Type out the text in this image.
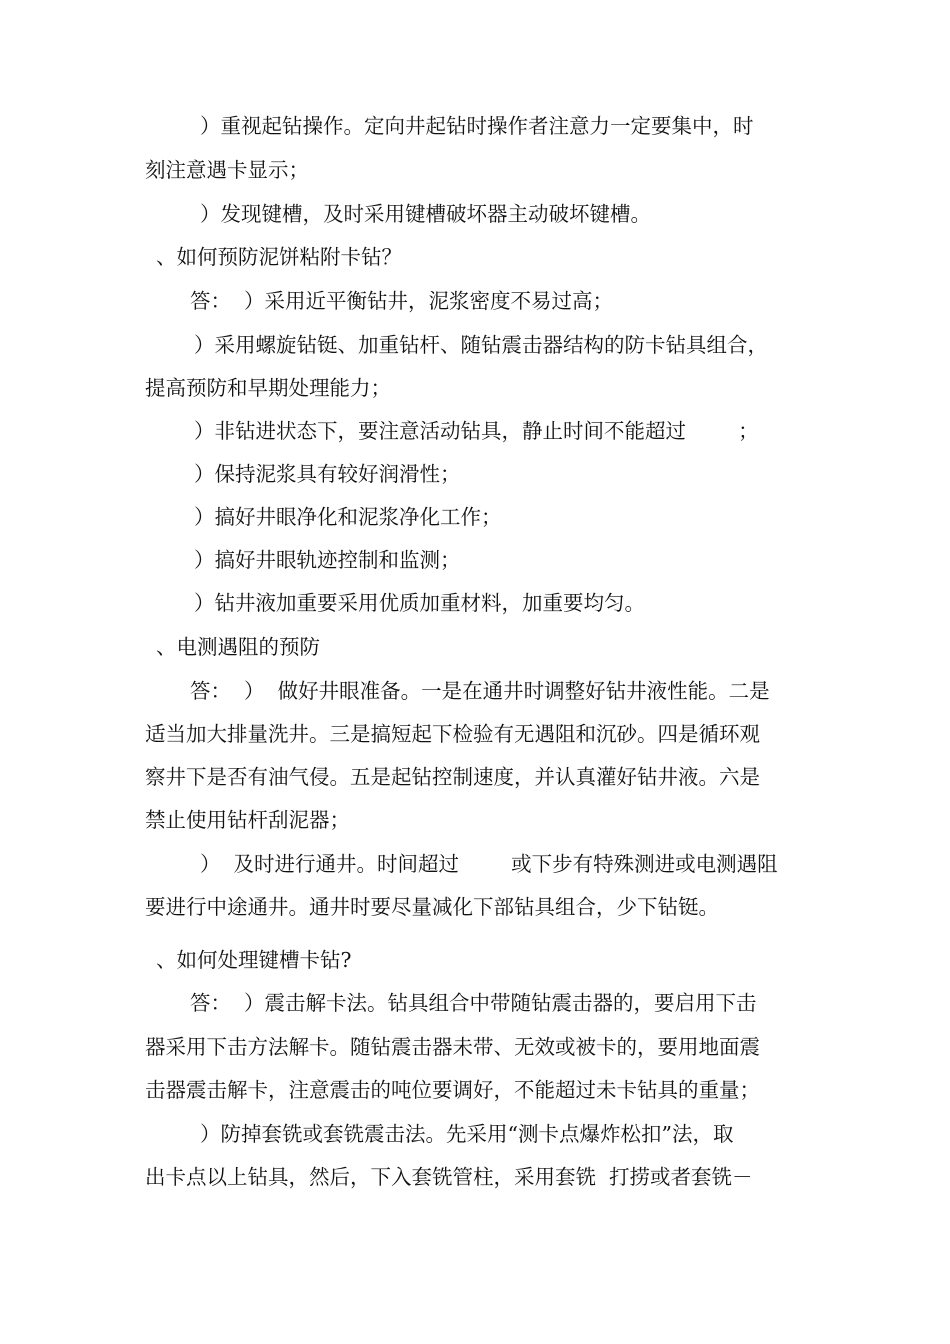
）重视起钻操作。定向井起钻时操作者注意力一定要集中，时
刻注意遇卡显示；
）发现键槽，及时采用键槽破坏器主动破坏键槽。
、如何预防泥饼粘附卡钻？
答：  ）采用近平衡钻井，泥浆密度不易过高；
）采用螺旋钻铤、加重钻杆、随钻震击器结构的防卡钻具组合，
提高预防和早期处理能力；
）非钻进状态下，要注意活动钻具，静止时间不能超过        ；
）保持泥浆具有较好润滑性；
）搞好井眼净化和泥浆净化工作；
）搞好井眼轨迹控制和监测；
）钻井液加重要采用优质加重材料，加重要均匀。
、电测遇阻的预防
答：  ）  做好井眼准备。一是在通井时调整好钻井液性能。二是
适当加大排量洗井。三是搞短起下检验有无遇阻和沉砂。四是循环观
察井下是否有油气侵。五是起钻控制速度，并认真灌好钻井液。六是
禁止使用钻杆刮泥器；
）  及时进行通井。时间超过        或下步有特殊测进或电测遇阻
要进行中途通井。通井时要尽量减化下部钻具组合，少下钻铤。
、如何处理键槽卡钻?
答：  ）震击解卡法。钻具组合中带随钻震击器的，要启用下击
器采用下击方法解卡。随钻震击器未带、无效或被卡的，要用地面震
击器震击解卡，注意震击的吨位要调好，不能超过未卡钻具的重量；
）防掉套铣或套铣震击法。先采用“测卡点爆炸松扣”法，取
出卡点以上钻具，然后，下入套铣管柱，采用套铣  打捞或者套铣－
